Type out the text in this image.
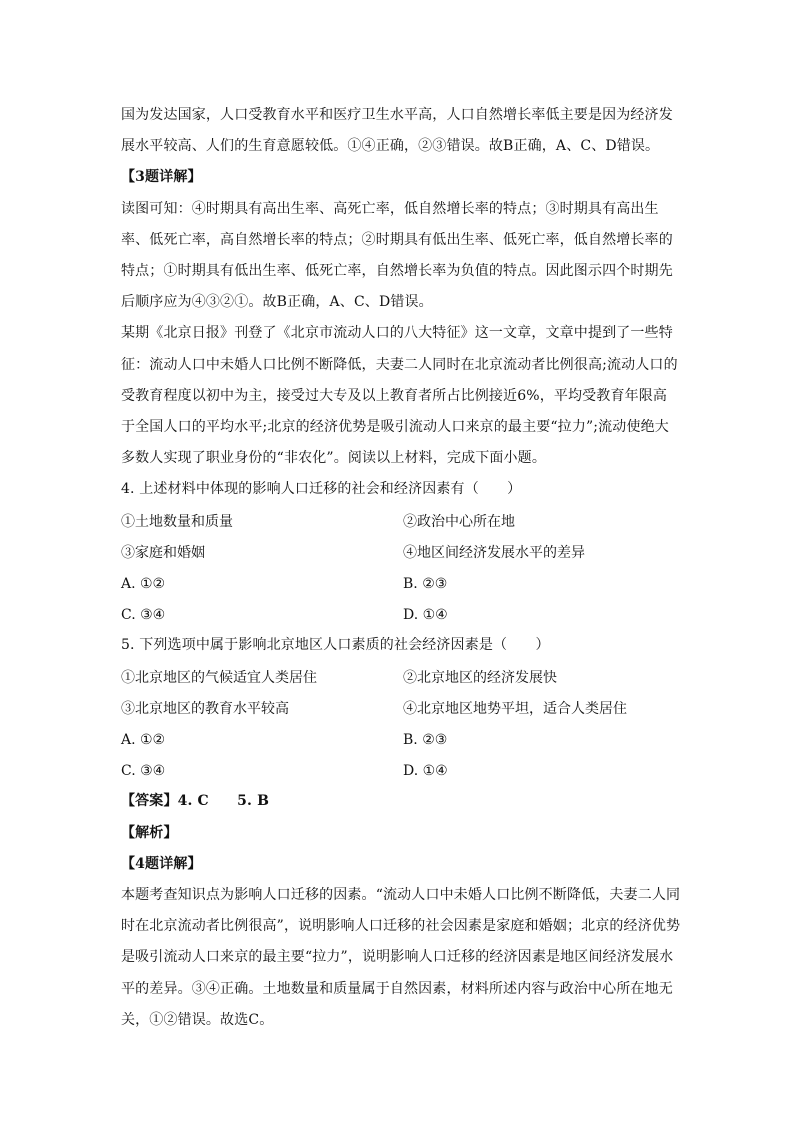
国为发达国家，人口受教育水平和医疗卫生水平高，人口自然增长率低主要是因为经济发展水平较高、人们的生育意愿较低。①④正确，②③错误。故B正确，A、C、D错误。

【3题详解】

读图可知：④时期具有高出生率、高死亡率，低自然增长率的特点；③时期具有高出生率、低死亡率，高自然增长率的特点；②时期具有低出生率、低死亡率，低自然增长率的特点；①时期具有低出生率、低死亡率，自然增长率为负值的特点。因此图示四个时期先后顺序应为④③②①。故B正确，A、C、D错误。

某期《北京日报》刊登了《北京市流动人口的八大特征》这一文章，文章中提到了一些特征：流动人口中未婚人口比例不断降低，夫妻二人同时在北京流动者比例很高;流动人口的受教育程度以初中为主，接受过大专及以上教育者所占比例接近6%，平均受教育年限高于全国人口的平均水平;北京的经济优势是吸引流动人口来京的最主要“拉力”;流动使绝大多数人实现了职业身份的“非农化”。阅读以上材料，完成下面小题。

4. 上述材料中体现的影响人口迁移的社会和经济因素有（　　）

①土地数量和质量	②政治中心所在地
③家庭和婚姻	④地区间经济发展水平的差异
A. ①②	B. ②③
C. ③④	D. ①④

5. 下列选项中属于影响北京地区人口素质的社会经济因素是（　　）

①北京地区的气候适宜人类居住	②北京地区的经济发展快
③北京地区的教育水平较高	④北京地区地势平坦，适合人类居住
A. ①②	B. ②③
C. ③④	D. ①④

【答案】4. C　　5. B

【解析】

【4题详解】

本题考查知识点为影响人口迁移的因素。“流动人口中未婚人口比例不断降低，夫妻二人同时在北京流动者比例很高”，说明影响人口迁移的社会因素是家庭和婚姻；北京的经济优势是吸引流动人口来京的最主要“拉力”，说明影响人口迁移的经济因素是地区间经济发展水平的差异。③④正确。土地数量和质量属于自然因素，材料所述内容与政治中心所在地无关，①②错误。故选C。
